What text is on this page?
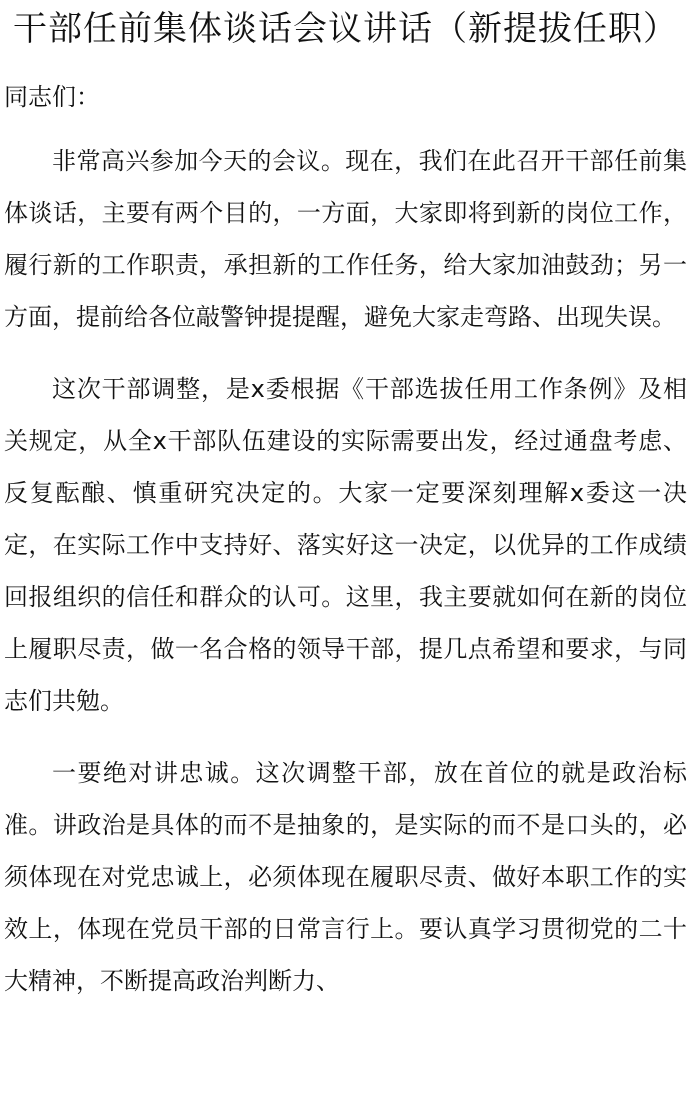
干部任前集体谈话会议讲话（新提拔任职）

同志们：

非常高兴参加今天的会议。现在，我们在此召开干部任前集体谈话，主要有两个目的，一方面，大家即将到新的岗位工作，履行新的工作职责，承担新的工作任务，给大家加油鼓劲；另一方面，提前给各位敲警钟提提醒，避免大家走弯路、出现失误。

这次干部调整，是x委根据《干部选拔任用工作条例》及相关规定，从全x干部队伍建设的实际需要出发，经过通盘考虑、反复酝酿、慎重研究决定的。大家一定要深刻理解x委这一决定，在实际工作中支持好、落实好这一决定，以优异的工作成绩回报组织的信任和群众的认可。这里，我主要就如何在新的岗位上履职尽责，做一名合格的领导干部，提几点希望和要求，与同志们共勉。

一要绝对讲忠诚。这次调整干部，放在首位的就是政治标准。讲政治是具体的而不是抽象的，是实际的而不是口头的，必须体现在对党忠诚上，必须体现在履职尽责、做好本职工作的实效上，体现在党员干部的日常言行上。要认真学习贯彻党的二十大精神，不断提高政治判断力、
